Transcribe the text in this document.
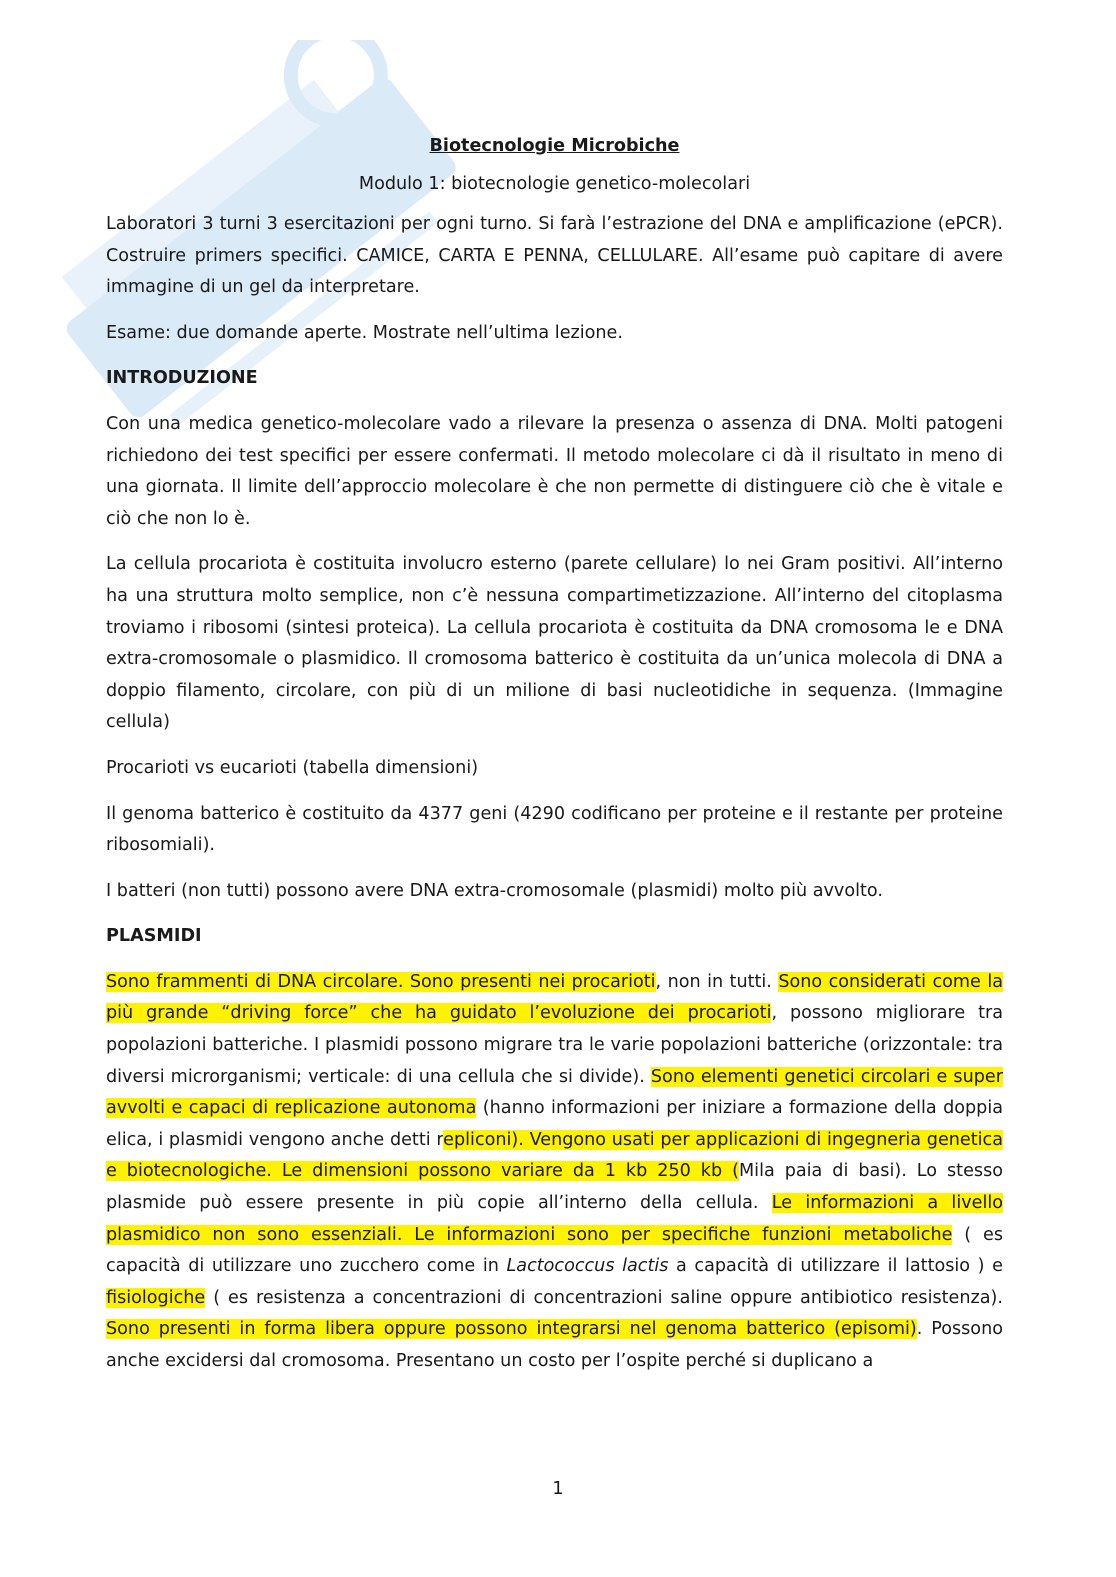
Biotecnologie Microbiche
Modulo 1: biotecnologie genetico-molecolari

Laboratori 3 turni 3 esercitazioni per ogni turno. Si farà l’estrazione del DNA e amplificazione (ePCR). Costruire primers specifici. CAMICE, CARTA E PENNA, CELLULARE. All’esame può capitare di avere immagine di un gel da interpretare.

Esame: due domande aperte. Mostrate nell’ultima lezione.

INTRODUZIONE

Con una medica genetico-molecolare vado a rilevare la presenza o assenza di DNA. Molti patogeni richiedono dei test specifici per essere confermati. Il metodo molecolare ci dà il risultato in meno di una giornata. Il limite dell’approccio molecolare è che non permette di distinguere ciò che è vitale e ciò che non lo è.

La cellula procariota è costituita involucro esterno (parete cellulare) lo nei Gram positivi. All’interno ha una struttura molto semplice, non c’è nessuna compartimetizzazione. All’interno del citoplasma troviamo i ribosomi (sintesi proteica). La cellula procariota è costituita da DNA cromosoma le e DNA extra-cromosomale o plasmidico. Il cromosoma batterico è costituita da un’unica molecola di DNA a doppio filamento, circolare, con più di un milione di basi nucleotidiche in sequenza. (Immagine cellula)

Procarioti vs eucarioti (tabella dimensioni)

Il genoma batterico è costituito da 4377 geni (4290 codificano per proteine e il restante per proteine ribosomiali).

I batteri (non tutti) possono avere DNA extra-cromosomale (plasmidi) molto più avvolto.

PLASMIDI

Sono frammenti di DNA circolare. Sono presenti nei procarioti, non in tutti. Sono considerati come la più grande “driving force” che ha guidato l’evoluzione dei procarioti, possono migliorare tra popolazioni batteriche. I plasmidi possono migrare tra le varie popolazioni batteriche (orizzontale: tra diversi microrganismi; verticale: di una cellula che si divide). Sono elementi genetici circolari e super avvolti e capaci di replicazione autonoma (hanno informazioni per iniziare a formazione della doppia elica, i plasmidi vengono anche detti repliconi). Vengono usati per applicazioni di ingegneria genetica e biotecnologiche. Le dimensioni possono variare da 1 kb 250 kb (Mila paia di basi). Lo stesso plasmide può essere presente in più copie all’interno della cellula. Le informazioni a livello plasmidico non sono essenziali. Le informazioni sono per specifiche funzioni metaboliche ( es capacità di utilizzare uno zucchero come in Lactococcus lactis a capacità di utilizzare il lattosio ) e fisiologiche ( es resistenza a concentrazioni di concentrazioni saline oppure antibiotico resistenza). Sono presenti in forma libera oppure possono integrarsi nel genoma batterico (episomi). Possono anche excidersi dal cromosoma. Presentano un costo per l’ospite perché si duplicano a

1
